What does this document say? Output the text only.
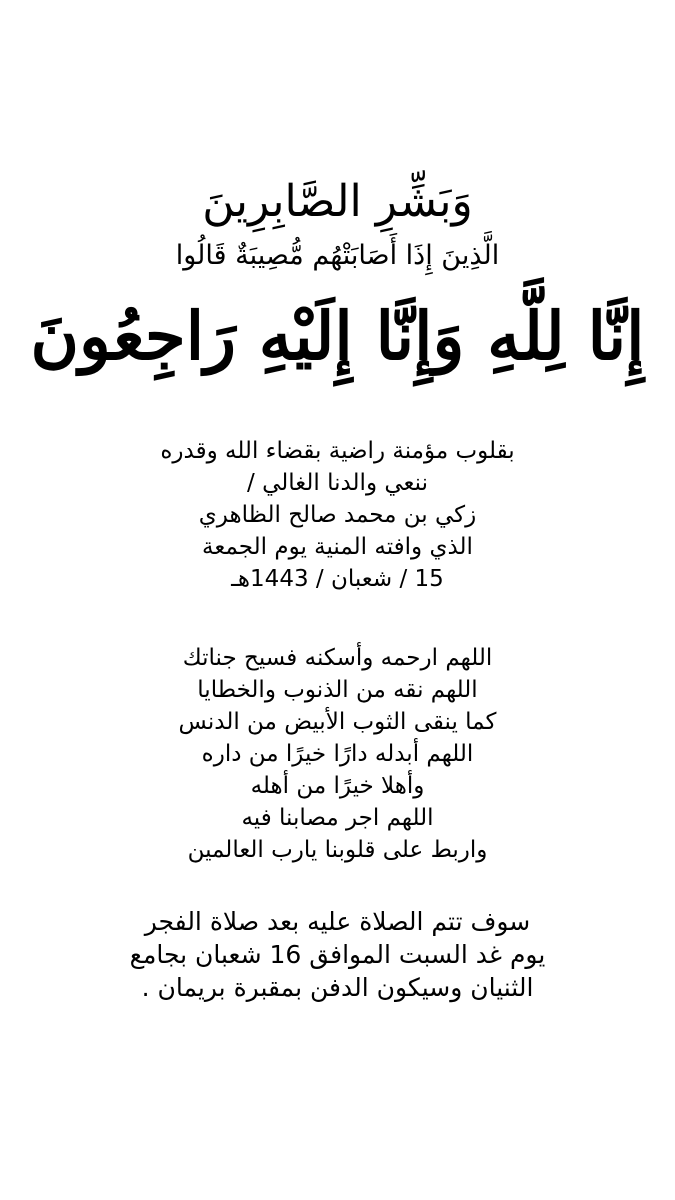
وَبَشِّرِ الصَّابِرِينَ
الَّذِينَ إِذَا أَصَابَتْهُم مُّصِيبَةٌ قَالُوا
إِنَّا لِلَّهِ وَإِنَّا إِلَيْهِ رَاجِعُونَ
بقلوب مؤمنة راضية بقضاء الله وقدره
ننعي والدنا الغالي /
زكي بن محمد صالح الظاهري
الذي وافته المنية يوم الجمعة
15 / شعبان / 1443هـ
اللهم ارحمه وأسكنه فسيح جناتك
اللهم نقه من الذنوب والخطايا
كما ينقى الثوب الأبيض من الدنس
اللهم أبدله دارًا خيرًا من داره
وأهلا خيرًا من أهله
اللهم اجر مصابنا فيه
واربط على قلوبنا يارب العالمين
سوف تتم الصلاة عليه بعد صلاة الفجر
يوم غد السبت الموافق 16 شعبان بجامع
الثنيان وسيكون الدفن بمقبرة بريمان .
